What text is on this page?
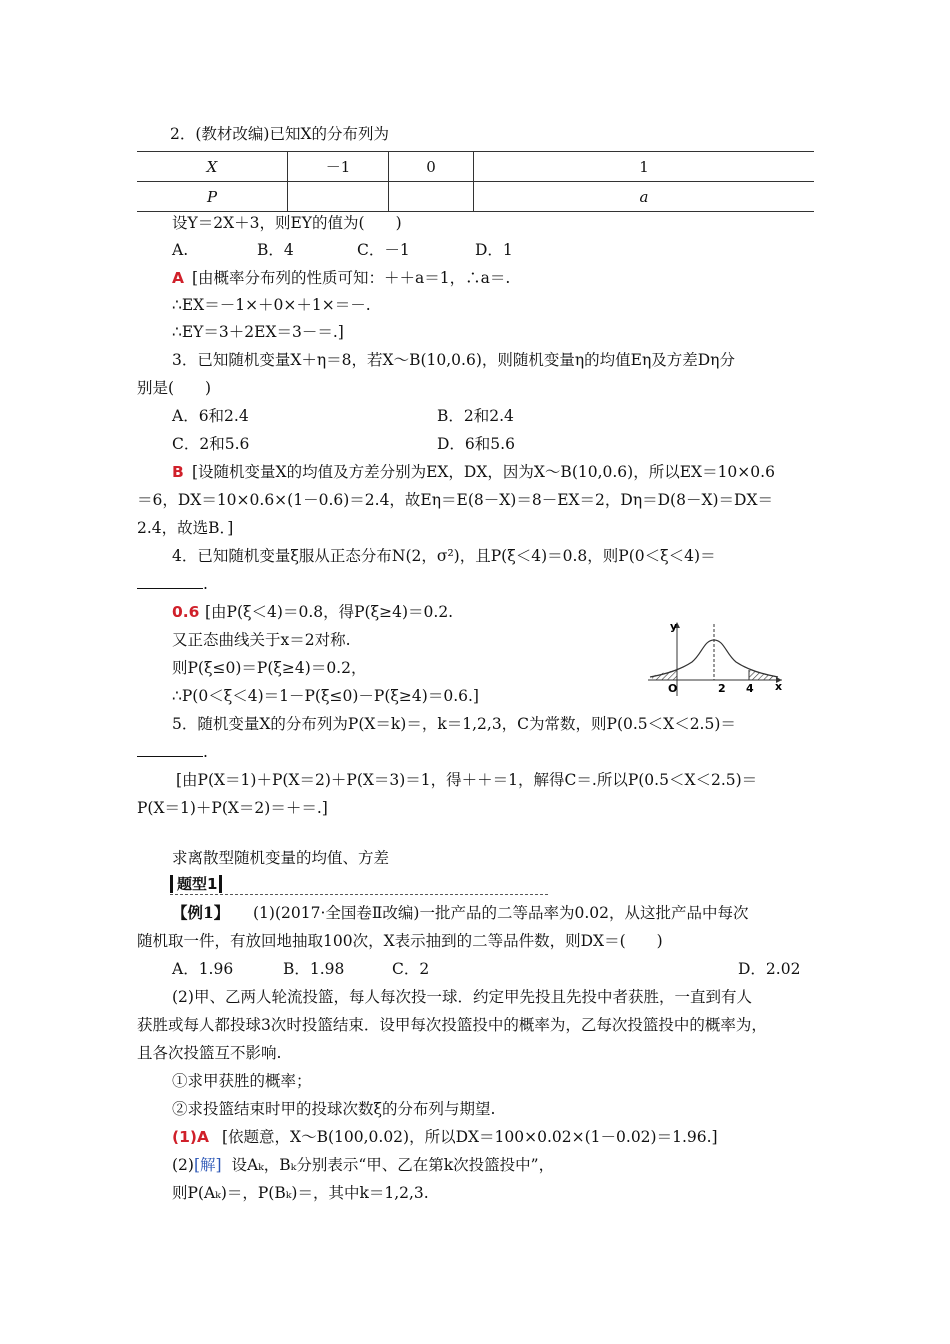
2．(教材改编)已知X的分布列为
X	－1	0	1
P			a
设Y＝2X＋3，则EY的值为(　　)
A.	B．4	C．－1	D．1
A [由概率分布列的性质可知：＋＋a＝1，∴a＝.
∴EX＝－1×＋0×＋1×＝－.
∴EY＝3＋2EX＝3－＝.]
3．已知随机变量X＋η＝8，若X～B(10,0.6)，则随机变量η的均值Eη及方差Dη分
别是(　　)
A．6和2.4	B．2和2.4
C．2和5.6	D．6和5.6
B [设随机变量X的均值及方差分别为EX，DX，因为X～B(10,0.6)，所以EX＝10×0.6
＝6，DX＝10×0.6×(1－0.6)＝2.4，故Eη＝E(8－X)＝8－EX＝2，Dη＝D(8－X)＝DX＝
2.4，故选B．]
4．已知随机变量ξ服从正态分布N(2，σ²)，且P(ξ＜4)＝0.8，则P(0＜ξ＜4)＝
.
0.6 [由P(ξ＜4)＝0.8，得P(ξ≥4)＝0.2.
又正态曲线关于x＝2对称.
则P(ξ≤0)＝P(ξ≥4)＝0.2，
∴P(0＜ξ＜4)＝1－P(ξ≤0)－P(ξ≥4)＝0.6.]
y
x
O	2 4
5．随机变量X的分布列为P(X＝k)＝，k＝1,2,3，C为常数，则P(0.5＜X＜2.5)＝
.
[由P(X＝1)＋P(X＝2)＋P(X＝3)＝1，得＋＋＝1，解得C＝.所以P(0.5＜X＜2.5)＝
P(X＝1)＋P(X＝2)＝＋＝.]
求离散型随机变量的均值、方差
题型1
【例1】 (1)(2017·全国卷Ⅱ改编)一批产品的二等品率为0.02，从这批产品中每次
随机取一件，有放回地抽取100次，X表示抽到的二等品件数，则DX＝(　　)
A．1.96	B．1.98	C．2	D．2.02
(2)甲、乙两人轮流投篮，每人每次投一球．约定甲先投且先投中者获胜，一直到有人
获胜或每人都投球3次时投篮结束．设甲每次投篮投中的概率为，乙每次投篮投中的概率为，
且各次投篮互不影响.
①求甲获胜的概率；
②求投篮结束时甲的投球次数ξ的分布列与期望.
(1)A [依题意，X～B(100,0.02)，所以DX＝100×0.02×(1－0.02)＝1.96.]
(2)[解] 设Aₖ，Bₖ分别表示“甲、乙在第k次投篮投中”，
则P(Aₖ)＝，P(Bₖ)＝，其中k＝1,2,3.
